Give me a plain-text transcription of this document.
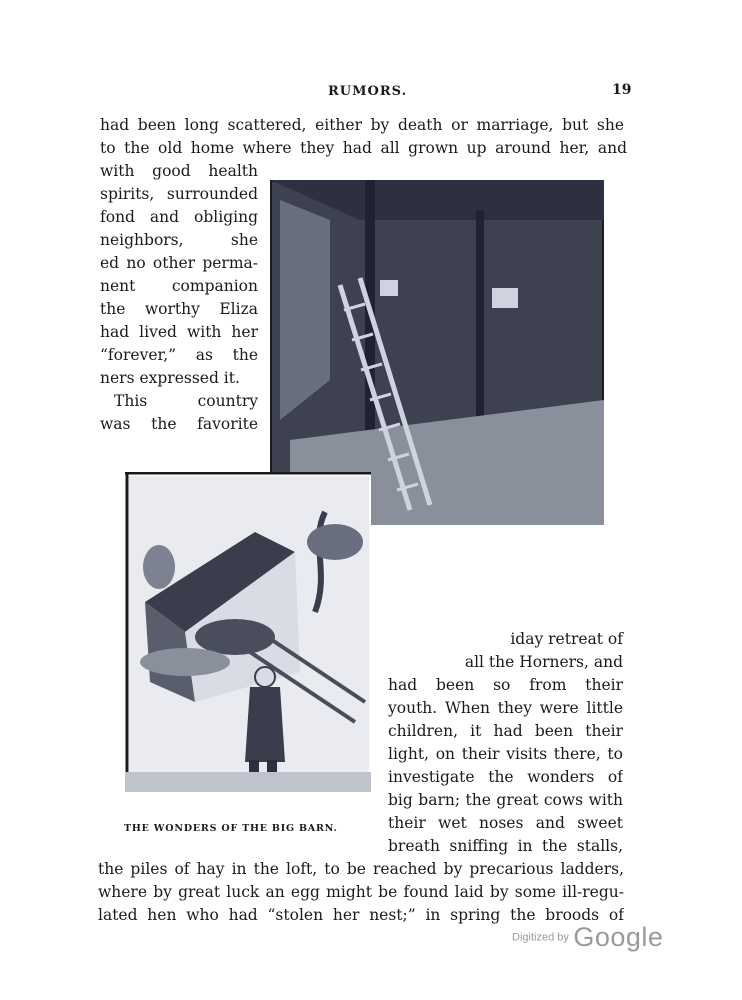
RUMORS.	19
had been long scattered, either by death or marriage, but she
to the old home where they had all grown up around her, and
with good health
spirits, surrounded
fond and obliging
neighbors, she
ed no other perma-
nent companion
the worthy Eliza
had lived with her
“forever,” as the
ners expressed it.
This country
was the favorite
iday retreat of
all the Horners, and
had been so from their
youth. When they were little
children, it had been their
light, on their visits there, to
investigate the wonders of
big barn; the great cows with
their wet noses and sweet
breath sniffing in the stalls,
the piles of hay in the loft, to be reached by precarious ladders,
where by great luck an egg might be found laid by some ill-regu-
lated hen who had “stolen her nest;” in spring the broods of
THE WONDERS OF THE BIG BARN.
Digitized by Google
